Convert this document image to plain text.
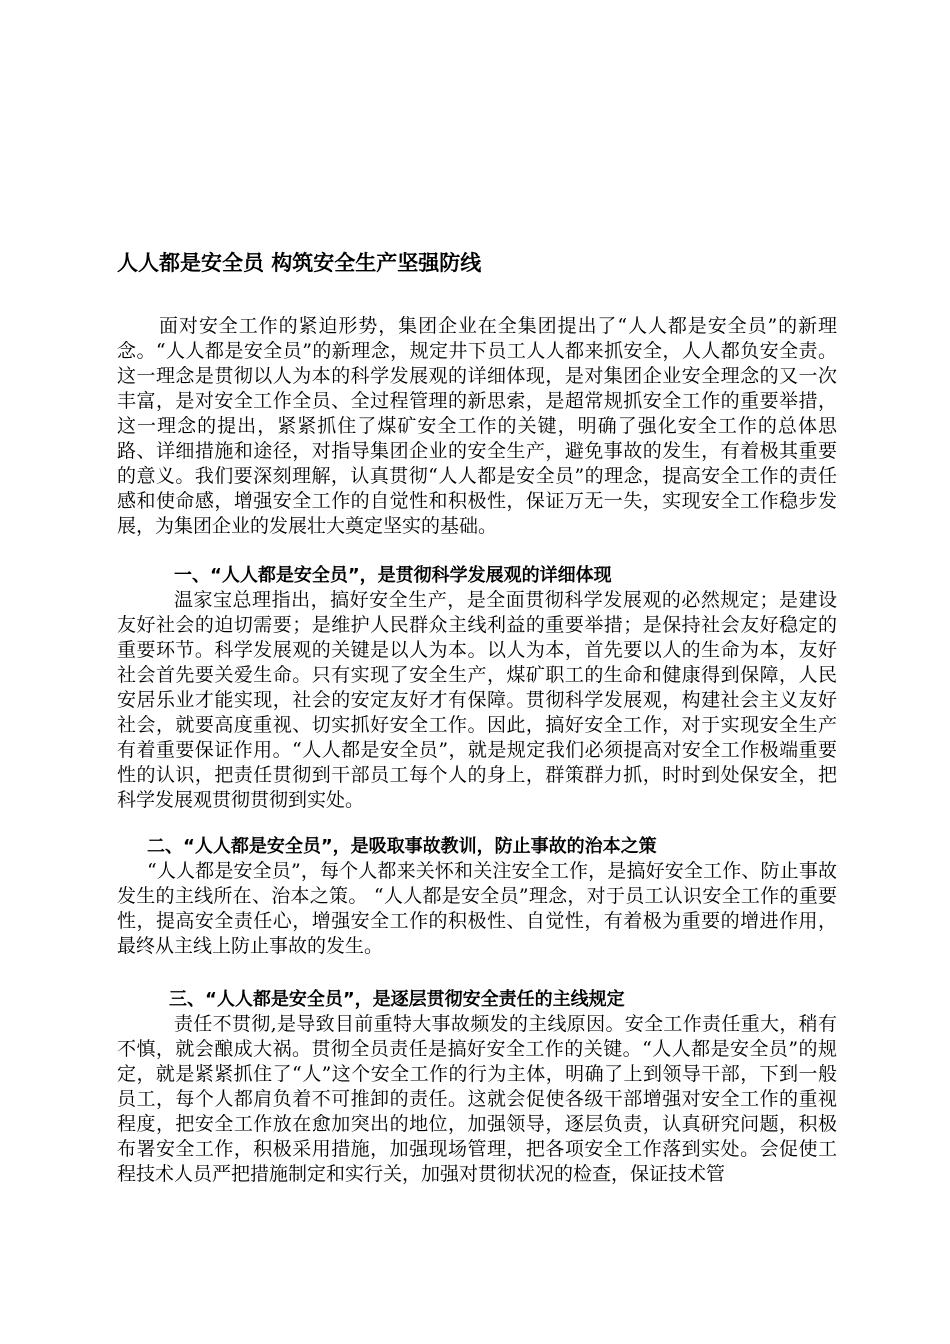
人人都是安全员 构筑安全生产坚强防线
面对安全工作的紧迫形势，集团企业在全集团提出了“人人都是安全员”的新理念。“人人都是安全员”的新理念，规定井下员工人人都来抓安全，人人都负安全责。这一理念是贯彻以人为本的科学发展观的详细体现，是对集团企业安全理念的又一次丰富，是对安全工作全员、全过程管理的新思索，是超常规抓安全工作的重要举措，这一理念的提出，紧紧抓住了煤矿安全工作的关键，明确了强化安全工作的总体思路、详细措施和途径，对指导集团企业的安全生产，避免事故的发生，有着极其重要的意义。我们要深刻理解，认真贯彻“人人都是安全员”的理念，提高安全工作的责任感和使命感，增强安全工作的自觉性和积极性，保证万无一失，实现安全工作稳步发展，为集团企业的发展壮大奠定坚实的基础。
一、“人人都是安全员”，是贯彻科学发展观的详细体现
温家宝总理指出，搞好安全生产，是全面贯彻科学发展观的必然规定；是建设友好社会的迫切需要；是维护人民群众主线利益的重要举措；是保持社会友好稳定的重要环节。科学发展观的关键是以人为本。以人为本，首先要以人的生命为本，友好社会首先要关爱生命。只有实现了安全生产，煤矿职工的生命和健康得到保障，人民安居乐业才能实现，社会的安定友好才有保障。贯彻科学发展观，构建社会主义友好社会，就要高度重视、切实抓好安全工作。因此，搞好安全工作，对于实现安全生产有着重要保证作用。“人人都是安全员”，就是规定我们必须提高对安全工作极端重要性的认识，把责任贯彻到干部员工每个人的身上，群策群力抓，时时到处保安全，把科学发展观贯彻贯彻到实处。
二、“人人都是安全员”，是吸取事故教训，防止事故的治本之策
“人人都是安全员”，每个人都来关怀和关注安全工作，是搞好安全工作、防止事故发生的主线所在、治本之策。 “人人都是安全员”理念，对于员工认识安全工作的重要性，提高安全责任心，增强安全工作的积极性、自觉性，有着极为重要的增进作用，最终从主线上防止事故的发生。
三、“人人都是安全员”，是逐层贯彻安全责任的主线规定
责任不贯彻,是导致目前重特大事故频发的主线原因。安全工作责任重大，稍有不慎，就会酿成大祸。贯彻全员责任是搞好安全工作的关键。“人人都是安全员”的规定，就是紧紧抓住了“人”这个安全工作的行为主体，明确了上到领导干部，下到一般员工，每个人都肩负着不可推卸的责任。这就会促使各级干部增强对安全工作的重视程度，把安全工作放在愈加突出的地位，加强领导，逐层负责，认真研究问题，积极布署安全工作，积极采用措施，加强现场管理，把各项安全工作落到实处。会促使工程技术人员严把措施制定和实行关，加强对贯彻状况的检查，保证技术管
